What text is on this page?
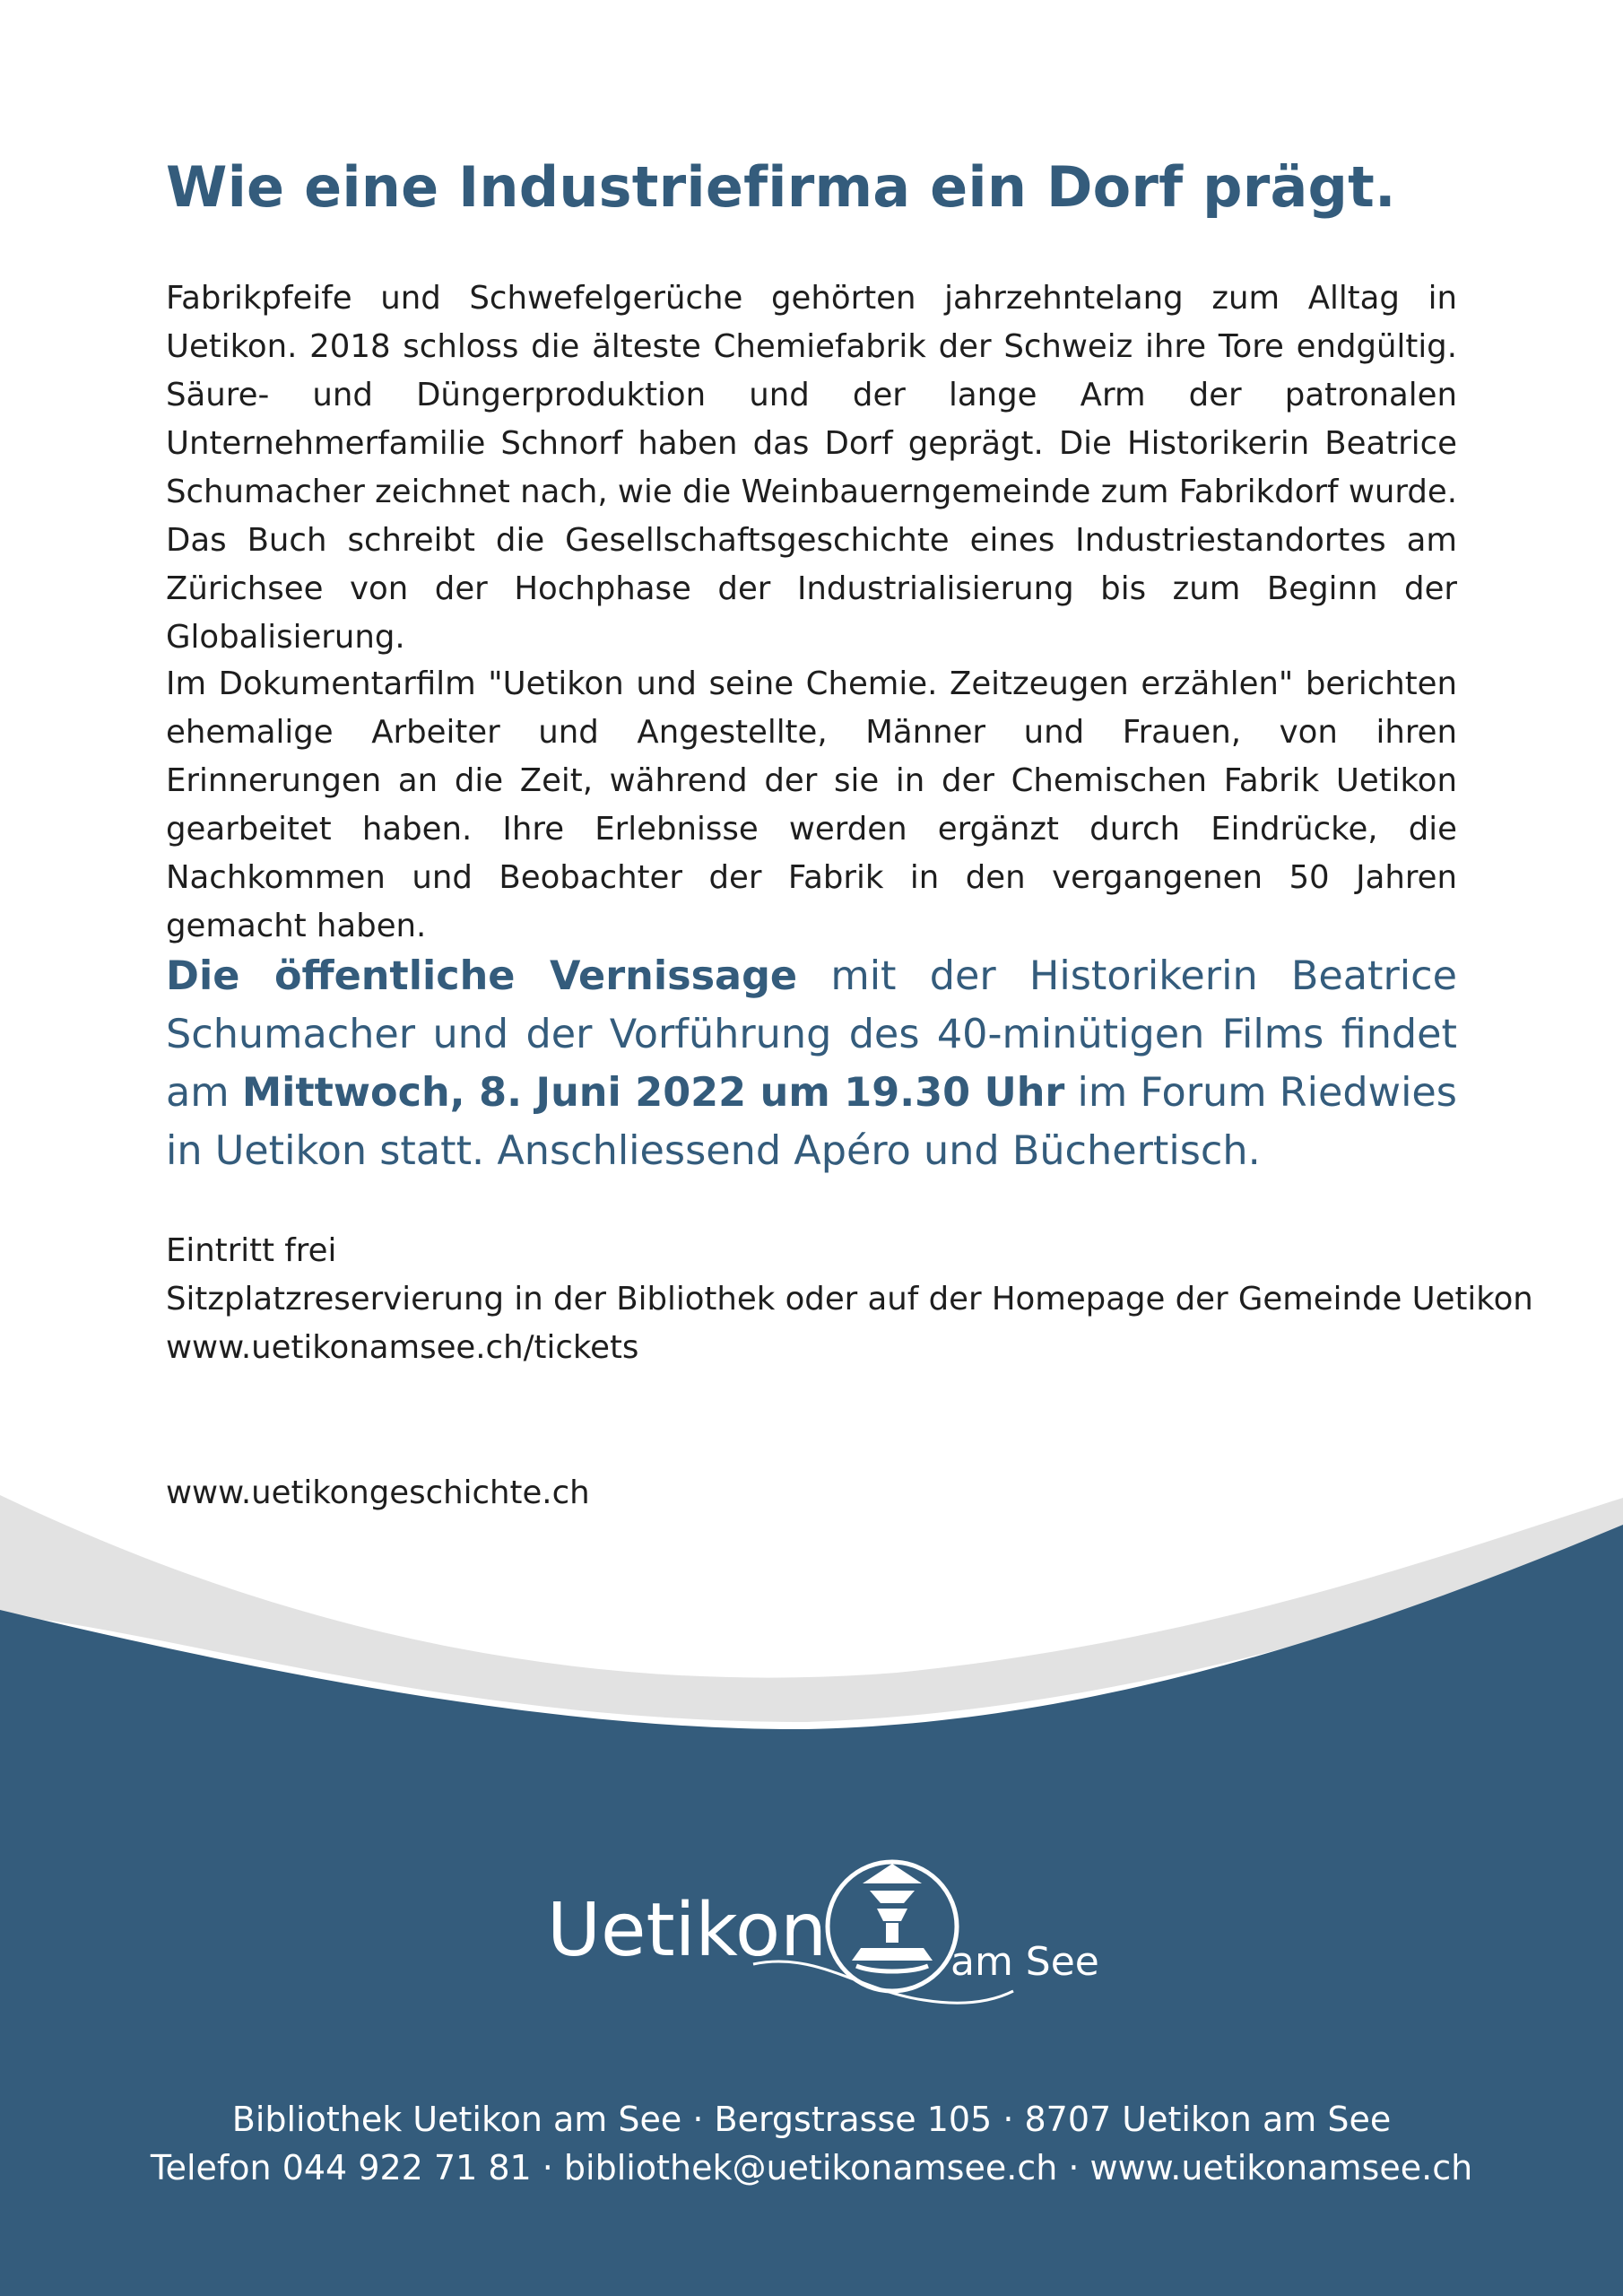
Wie eine Industriefirma ein Dorf prägt.

Fabrikpfeife und Schwefelgerüche gehörten jahrzehntelang zum Alltag in Uetikon. 2018 schloss die älteste Chemiefabrik der Schweiz ihre Tore endgültig. Säure- und Düngerproduktion und der lange Arm der patronalen Unternehmerfamilie Schnorf haben das Dorf geprägt. Die Historikerin Beatrice Schumacher zeichnet nach, wie die Weinbauerngemeinde zum Fabrikdorf wurde. Das Buch schreibt die Gesellschaftsgeschichte eines Industriestandortes am Zürichsee von der Hochphase der Industrialisierung bis zum Beginn der Globalisierung.

Im Dokumentarfilm "Uetikon und seine Chemie. Zeitzeugen erzählen" berichten ehemalige Arbeiter und Angestellte, Männer und Frauen, von ihren Erinnerungen an die Zeit, während der sie in der Chemischen Fabrik Uetikon gearbeitet haben. Ihre Erlebnisse werden ergänzt durch Eindrücke, die Nachkommen und Beobachter der Fabrik in den vergangenen 50 Jahren gemacht haben.

Die öffentliche Vernissage mit der Historikerin Beatrice Schumacher und der Vorführung des 40-minütigen Films findet am Mittwoch, 8. Juni 2022 um 19.30 Uhr im Forum Riedwies in Uetikon statt. Anschliessend Apéro und Büchertisch.

Eintritt frei
Sitzplatzreservierung in der Bibliothek oder auf der Homepage der Gemeinde Uetikon
www.uetikonamsee.ch/tickets
www.uetikongeschichte.ch
Uetikon	am See
Bibliothek Uetikon am See · Bergstrasse 105 · 8707 Uetikon am See
Telefon 044 922 71 81 · bibliothek@uetikonamsee.ch · www.uetikonamsee.ch
